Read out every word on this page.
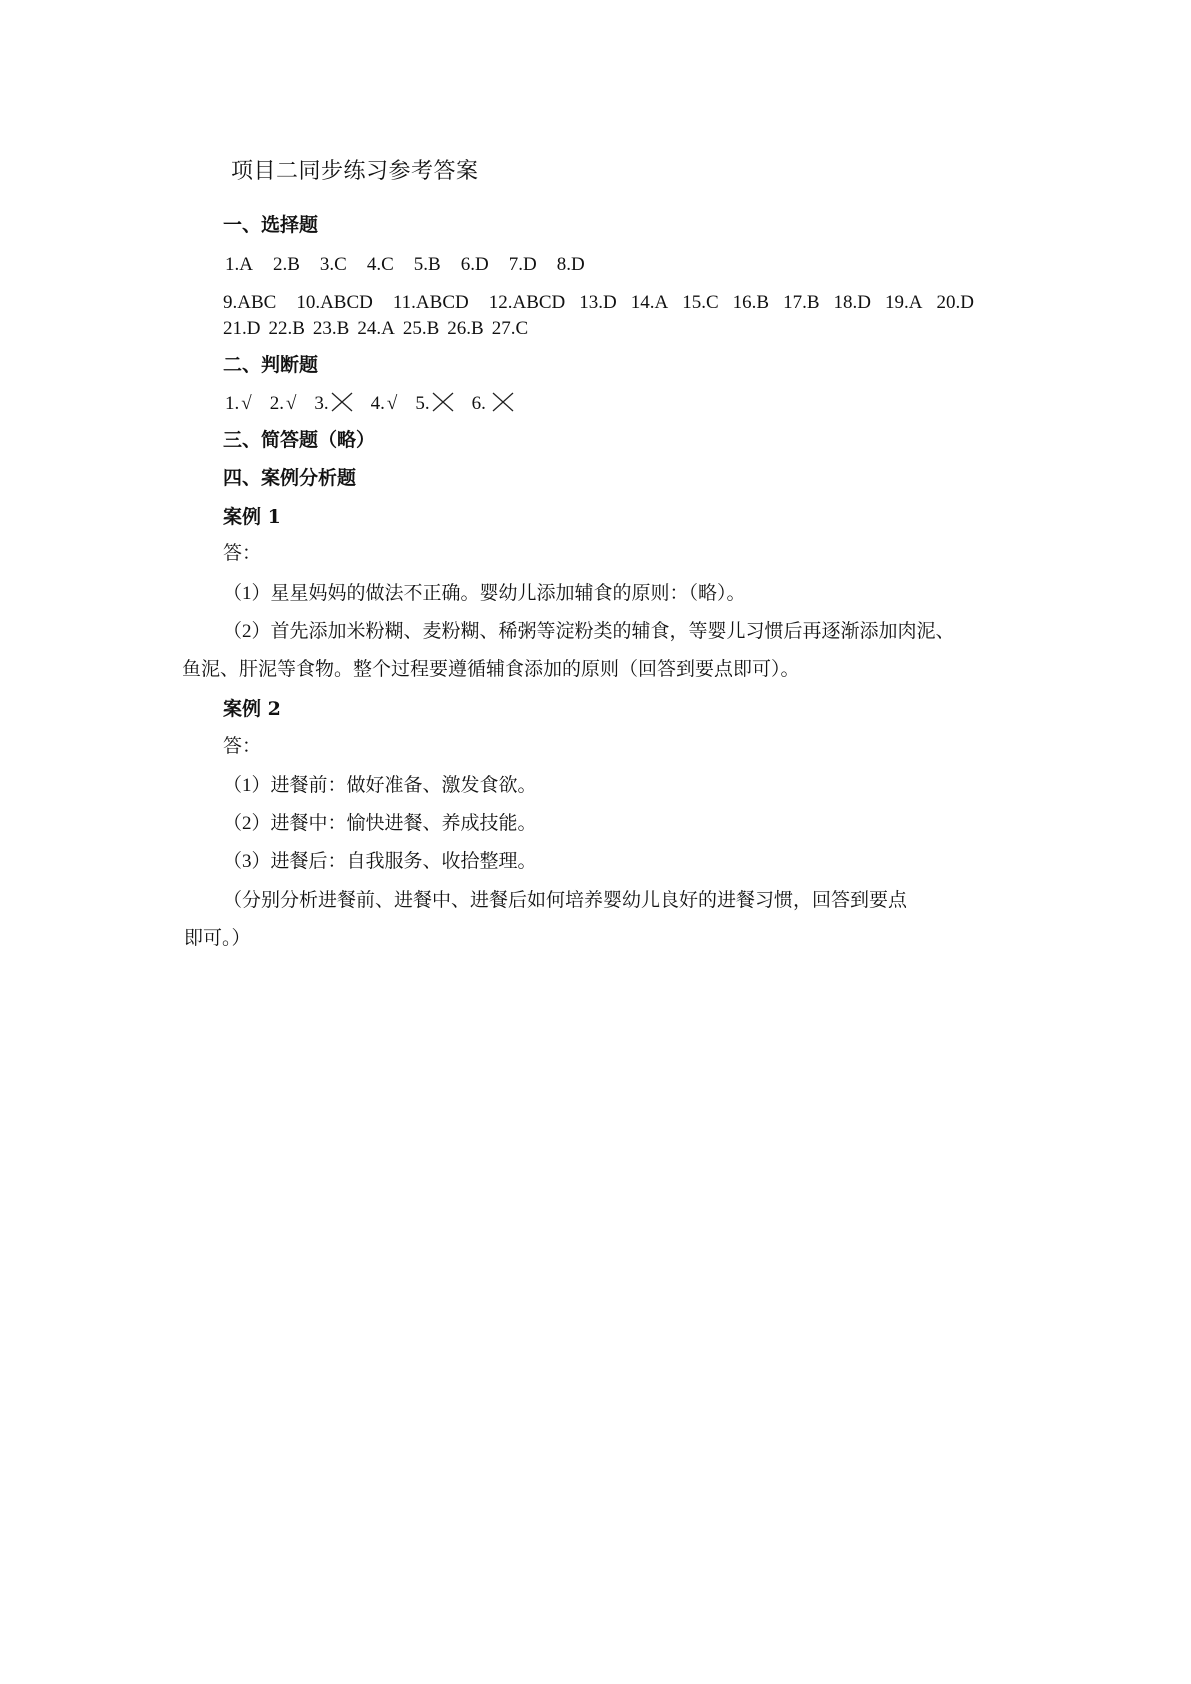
项目二同步练习参考答案
一、选择题
1.A 2.B 3.C 4.C 5.B 6.D 7.D 8.D
9.ABC 10.ABCD 11.ABCD 12.ABCD 13.D 14.A 15.C 16.B 17.B 18.D 19.A 20.D
21.D 22.B 23.B 24.A 25.B 26.B 27.C
二、判断题
1. √ 2. √ 3. 4. √ 5. 6.
三、简答题（略）
四、案例分析题
案例 1
答：
（1）星星妈妈的做法不正确。婴幼儿添加辅食的原则：（略）。
（2）首先添加米粉糊、麦粉糊、稀粥等淀粉类的辅食，等婴儿习惯后再逐渐添加肉泥、
鱼泥、肝泥等食物。整个过程要遵循辅食添加的原则（回答到要点即可）。
案例 2
答：
（1）进餐前：做好准备、激发食欲。
（2）进餐中：愉快进餐、养成技能。
（3）进餐后：自我服务、收拾整理。
（分别分析进餐前、进餐中、进餐后如何培养婴幼儿良好的进餐习惯，回答到要点
即可。）
